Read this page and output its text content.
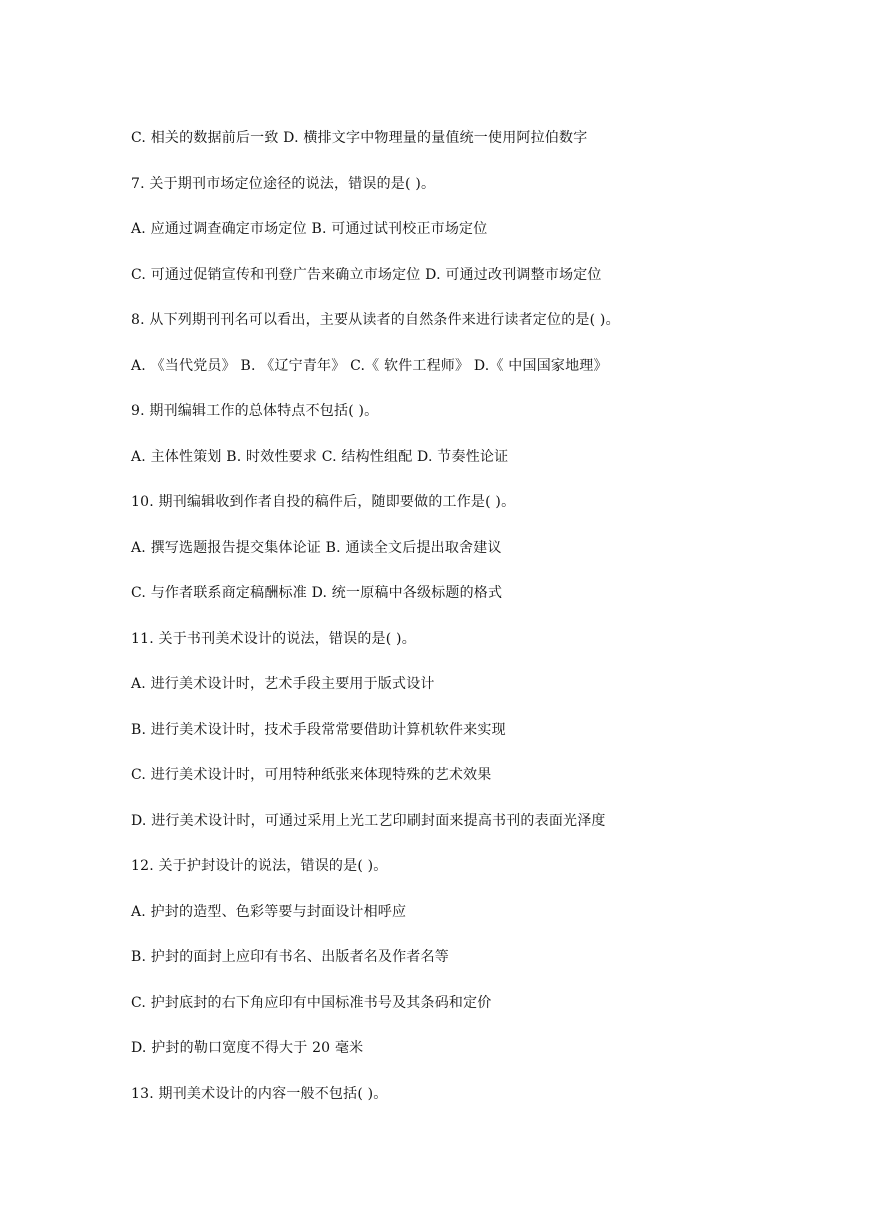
C. 相关的数据前后一致 D. 横排文字中物理量的量值统一使用阿拉伯数字
7. 关于期刊市场定位途径的说法，错误的是( )。
A. 应通过调查确定市场定位 B. 可通过试刊校正市场定位
C. 可通过促销宣传和刊登广告来确立市场定位 D. 可通过改刊调整市场定位
8. 从下列期刊刊名可以看出，主要从读者的自然条件来进行读者定位的是( )。
A. 《当代党员》 B. 《辽宁青年》 C.《 软件工程师》 D.《 中国国家地理》
9. 期刊编辑工作的总体特点不包括( )。
A. 主体性策划 B. 时效性要求 C. 结构性组配 D. 节奏性论证
10. 期刊编辑收到作者自投的稿件后，随即要做的工作是( )。
A. 撰写选题报告提交集体论证 B. 通读全文后提出取舍建议
C. 与作者联系商定稿酬标准 D. 统一原稿中各级标题的格式
11. 关于书刊美术设计的说法，错误的是( )。
A. 进行美术设计时，艺术手段主要用于版式设计
B. 进行美术设计时，技术手段常常要借助计算机软件来实现
C. 进行美术设计时，可用特种纸张来体现特殊的艺术效果
D. 进行美术设计时，可通过采用上光工艺印刷封面来提高书刊的表面光泽度
12. 关于护封设计的说法，错误的是( )。
A. 护封的造型、色彩等要与封面设计相呼应
B. 护封的面封上应印有书名、出版者名及作者名等
C. 护封底封的右下角应印有中国标准书号及其条码和定价
D. 护封的勒口宽度不得大于 20 毫米
13. 期刊美术设计的内容一般不包括( )。
